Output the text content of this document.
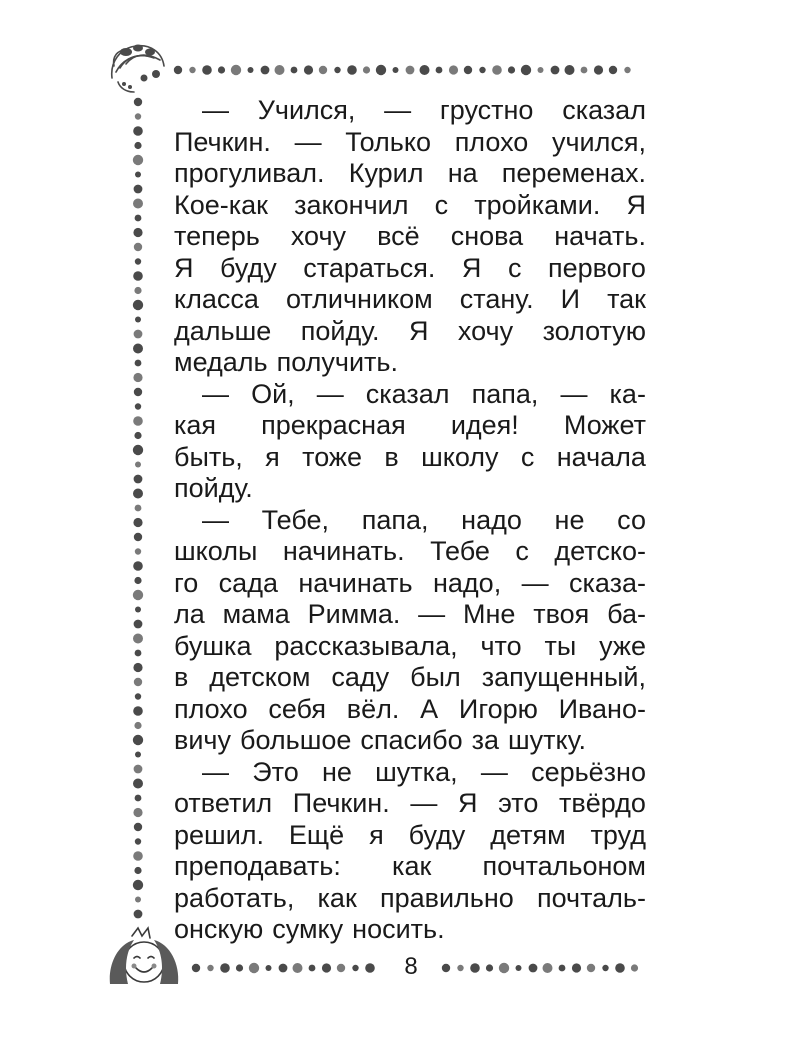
8
— Учился, — грустно сказал
Печкин. — Только плохо учился,
прогуливал. Курил на переменах.
Кое-как закончил с тройками. Я
теперь хочу всё снова начать.
Я буду стараться. Я с первого
класса отличником стану. И так
дальше пойду. Я хочу золотую
медаль получить.
— Ой, — сказал папа, — ка-
кая прекрасная идея! Может
быть, я тоже в школу с начала
пойду.
— Тебе, папа, надо не со
школы начинать. Тебе с детско-
го сада начинать надо, — сказа-
ла мама Римма. — Мне твоя ба-
бушка рассказывала, что ты уже
в детском саду был запущенный,
плохо себя вёл. А Игорю Ивано-
вичу большое спасибо за шутку.
— Это не шутка, — серьёзно
ответил Печкин. — Я это твёрдо
решил. Ещё я буду детям труд
преподавать: как почтальоном
работать, как правильно почталь-
онскую сумку носить.
